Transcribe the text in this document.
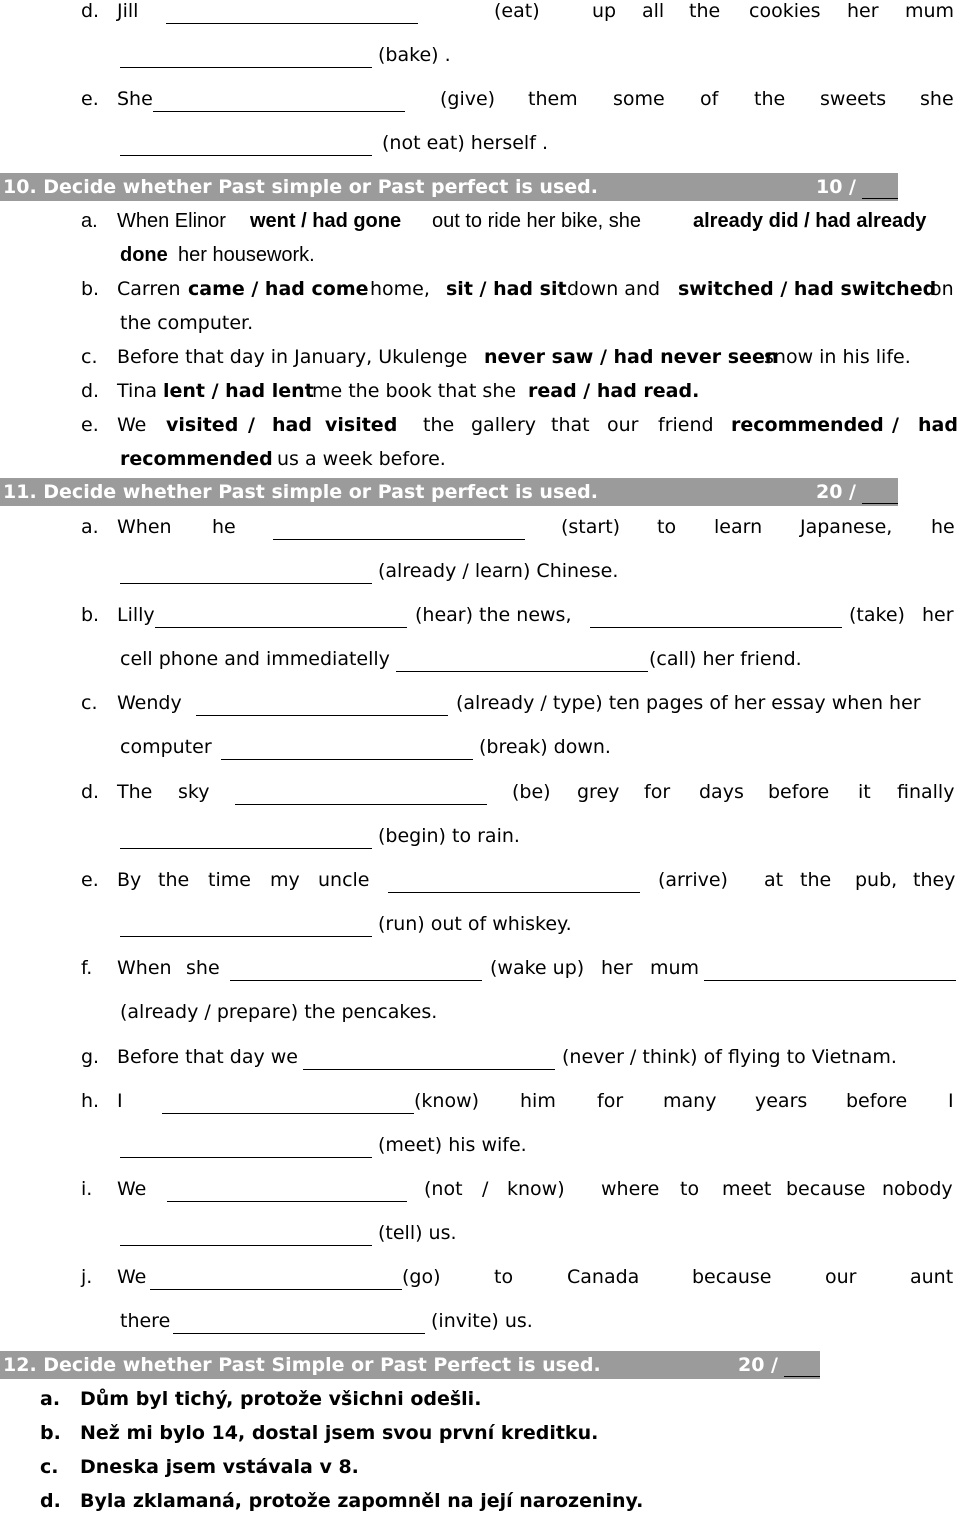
d. Jill	(eat)	up all the cookies her mum
(bake) .
e. She	(give) them some of the sweets she
(not eat) herself .
10. Decide whether Past simple or Past perfect is used.	10 /
a. When Elinor went / had gone out to ride her bike, she	already did / had already
done her housework.
b. Carren came / had come home, sit / had sit down and switched / had switched
on
the computer.
c. Before that day in January, Ukulenge never saw / had never seen
snow in his life.
d. Tina lent / had lent
me the book that she read / had read.
e. We visited / had visited the gallery that our friend recommended / had
recommended us a week before.
11. Decide whether Past simple or Past perfect is used.	20 /
a. When he	(start) to learn Japanese, he
(already / learn) Chinese.
b. Lilly	(hear) the news,	(take) her
cell phone and immediatelly	(call) her friend.
c. Wendy	(already / type) ten pages of her essay when her
computer	(break) down.
d. The sky	(be) grey for days before it finally
(begin) to rain.
e. By the time my uncle	(arrive) at the pub, they
(run) out of whiskey.
f. When she	(wake up) her mum
(already / prepare) the pencakes.
g. Before that day we	(never / think) of flying to Vietnam.
h. I	(know) him for many years before I
(meet) his wife.
i. We	(not / know) where to meet because nobody
(tell) us.
j. We	(go)	to	Canada	because	our	aunt
there	(invite) us.
12. Decide whether Past Simple or Past Perfect is used.	20 /
a. Dům byl tichý, protože všichni odešli.
b. Než mi bylo 14, dostal jsem svou první kreditku.
c. Dneska jsem vstávala v 8.
d. Byla zklamaná, protože zapomněl na její narozeniny.
